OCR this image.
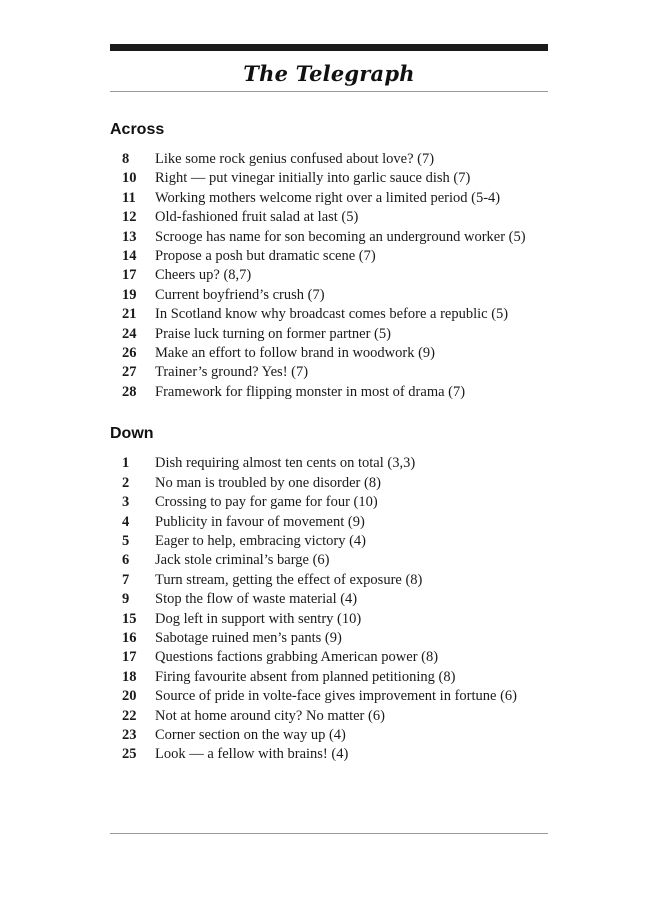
The Telegraph
Across
8	Like some rock genius confused about love? (7)
10	Right — put vinegar initially into garlic sauce dish (7)
11	Working mothers welcome right over a limited period (5-4)
12	Old-fashioned fruit salad at last (5)
13	Scrooge has name for son becoming an underground worker (5)
14	Propose a posh but dramatic scene (7)
17	Cheers up? (8,7)
19	Current boyfriend’s crush (7)
21	In Scotland know why broadcast comes before a republic (5)
24	Praise luck turning on former partner (5)
26	Make an effort to follow brand in woodwork (9)
27	Trainer’s ground? Yes! (7)
28	Framework for flipping monster in most of drama (7)
Down
1	Dish requiring almost ten cents on total (3,3)
2	No man is troubled by one disorder (8)
3	Crossing to pay for game for four (10)
4	Publicity in favour of movement (9)
5	Eager to help, embracing victory (4)
6	Jack stole criminal’s barge (6)
7	Turn stream, getting the effect of exposure (8)
9	Stop the flow of waste material (4)
15	Dog left in support with sentry (10)
16	Sabotage ruined men’s pants (9)
17	Questions factions grabbing American power (8)
18	Firing favourite absent from planned petitioning (8)
20	Source of pride in volte-face gives improvement in fortune (6)
22	Not at home around city? No matter (6)
23	Corner section on the way up (4)
25	Look — a fellow with brains! (4)
